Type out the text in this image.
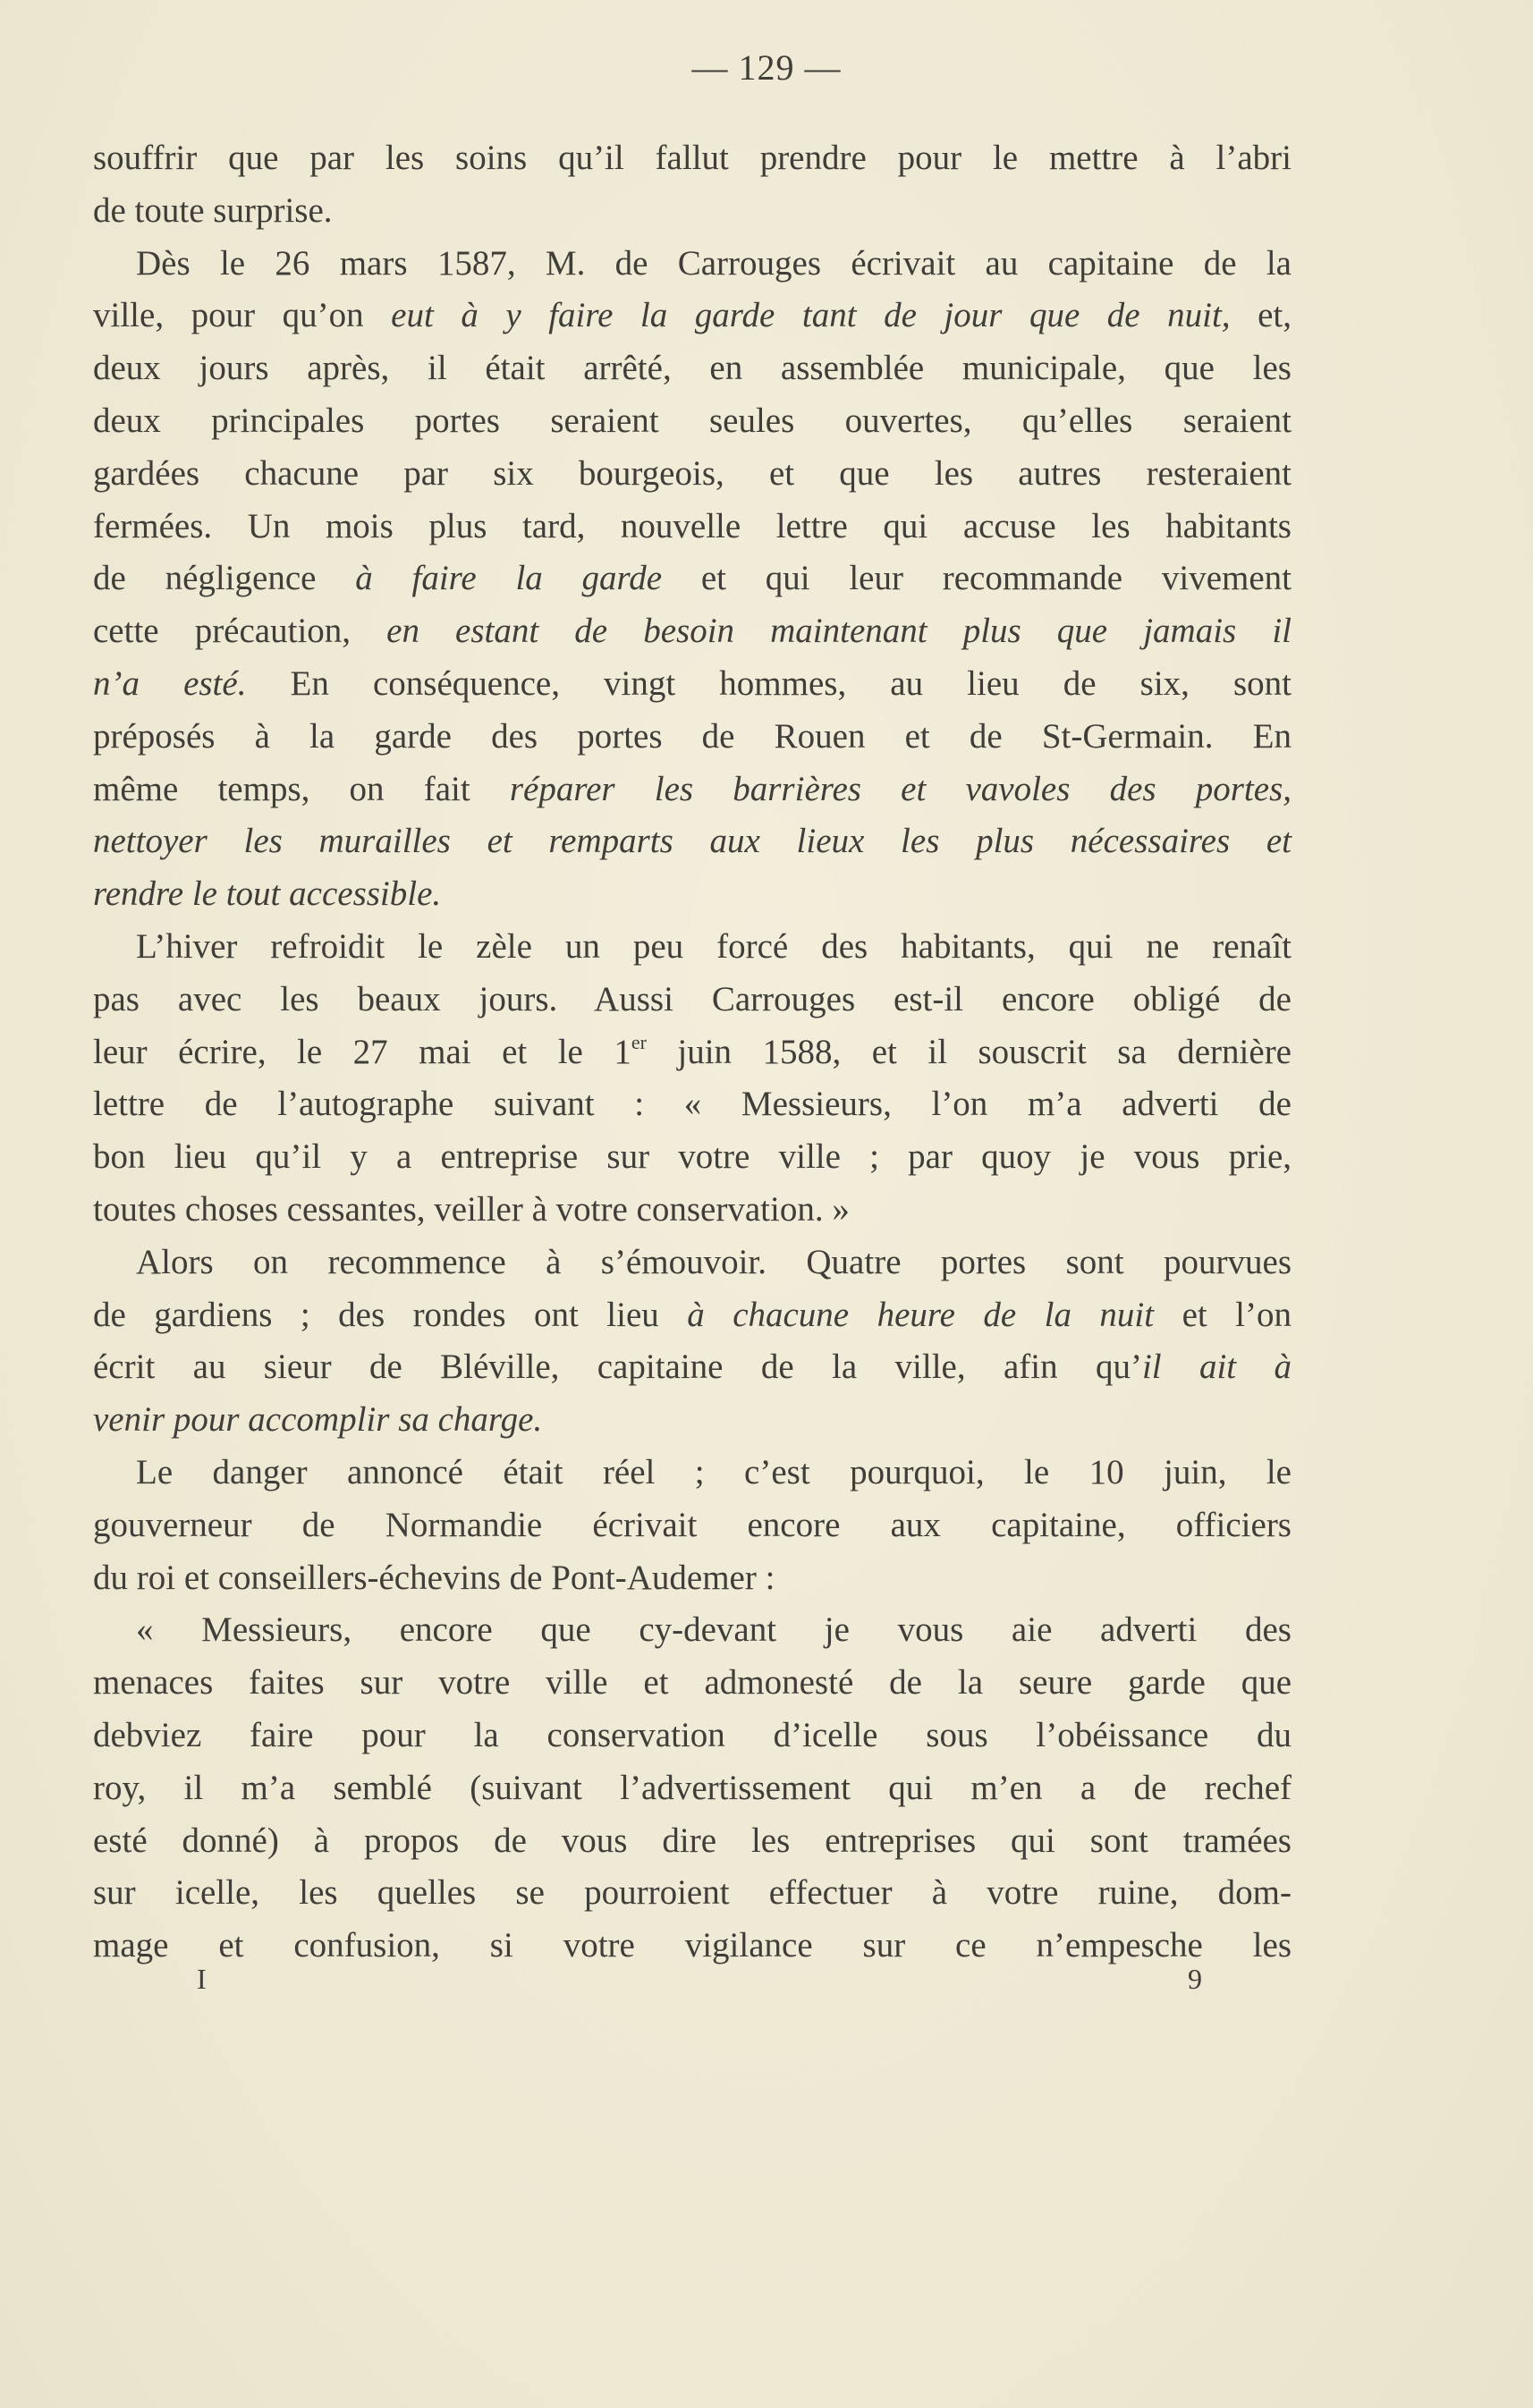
— 129 —
souffrir que par les soins qu’il fallut prendre pour le mettre à l’abri
de toute surprise.
Dès le 26 mars 1587, M. de Carrouges écrivait au capitaine de la
ville, pour qu’on eut à y faire la garde tant de jour que de nuit, et,
deux jours après, il était arrêté, en assemblée municipale, que les
deux principales portes seraient seules ouvertes, qu’elles seraient
gardées chacune par six bourgeois, et que les autres resteraient
fermées. Un mois plus tard, nouvelle lettre qui accuse les habitants
de négligence à faire la garde et qui leur recommande vivement
cette précaution, en estant de besoin maintenant plus que jamais il
n’a esté. En conséquence, vingt hommes, au lieu de six, sont
préposés à la garde des portes de Rouen et de St-Germain. En
même temps, on fait réparer les barrières et vavoles des portes,
nettoyer les murailles et remparts aux lieux les plus nécessaires et
rendre le tout accessible.
L’hiver refroidit le zèle un peu forcé des habitants, qui ne renaît
pas avec les beaux jours. Aussi Carrouges est-il encore obligé de
leur écrire, le 27 mai et le 1er juin 1588, et il souscrit sa dernière
lettre de l’autographe suivant : « Messieurs, l’on m’a adverti de
bon lieu qu’il y a entreprise sur votre ville ; par quoy je vous prie,
toutes choses cessantes, veiller à votre conservation. »
Alors on recommence à s’émouvoir. Quatre portes sont pourvues
de gardiens ; des rondes ont lieu à chacune heure de la nuit et l’on
écrit au sieur de Bléville, capitaine de la ville, afin qu’il ait à
venir pour accomplir sa charge.
Le danger annoncé était réel ; c’est pourquoi, le 10 juin, le
gouverneur de Normandie écrivait encore aux capitaine, officiers
du roi et conseillers-échevins de Pont-Audemer :
« Messieurs, encore que cy-devant je vous aie adverti des
menaces faites sur votre ville et admonesté de la seure garde que
debviez faire pour la conservation d’icelle sous l’obéissance du
roy, il m’a semblé (suivant l’advertissement qui m’en a de rechef
esté donné) à propos de vous dire les entreprises qui sont tramées
sur icelle, les quelles se pourroient effectuer à votre ruine, dom-
mage et confusion, si votre vigilance sur ce n’empesche les
I	9
